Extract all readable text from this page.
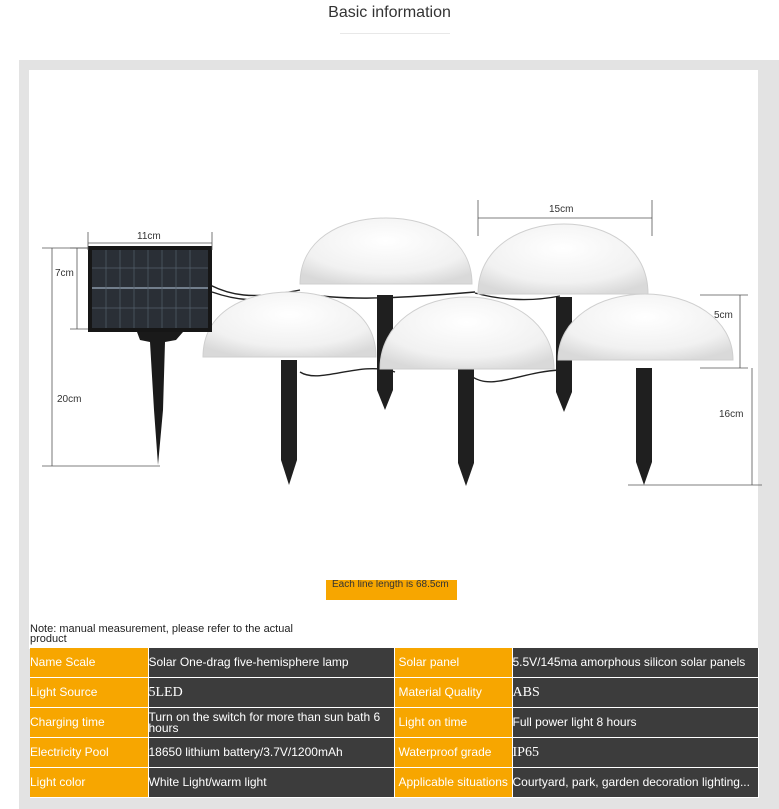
Basic information
11cm
7cm
20cm
15cm
5cm
16cm
Each line length is 68.5cm
Note: manual measurement, please refer to the actual product
Name Scale	Solar One-drag five-hemisphere lamp	Solar panel	5.5V/145ma amorphous silicon solar panels
Light Source	5LED	Material Quality	ABS
Charging time	Turn on the switch for more than sun bath 6 hours	Light on time	Full power light 8 hours
Electricity Pool	18650 lithium battery/3.7V/1200mAh	Waterproof grade	IP65
Light color	White Light/warm light	Applicable situations	Courtyard, park, garden decoration lighting...
